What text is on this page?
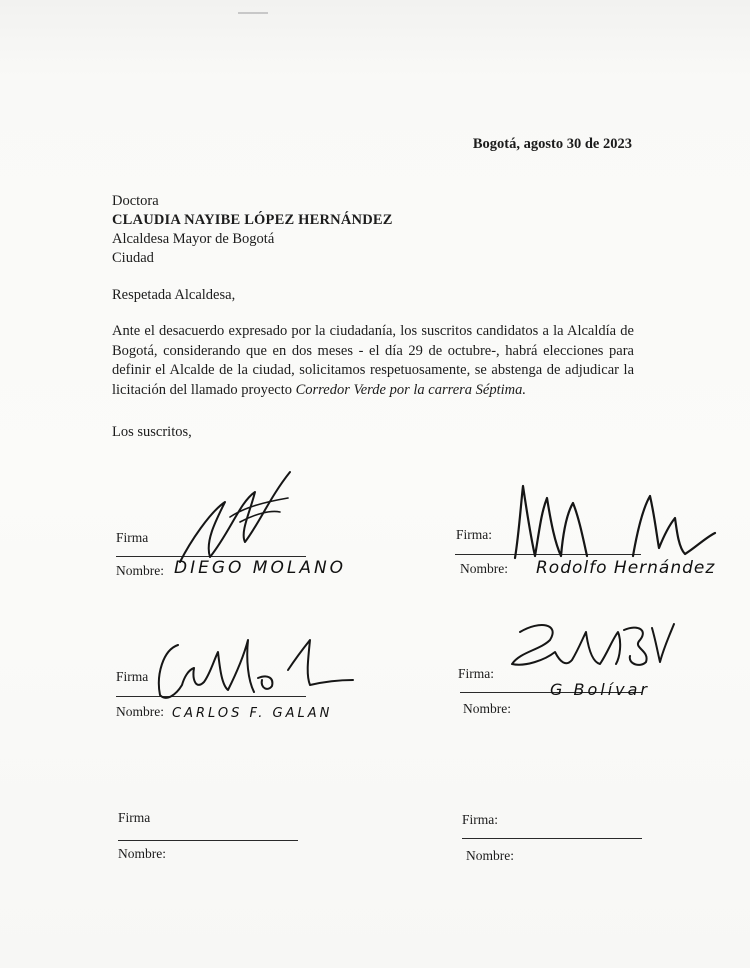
Bogotá, agosto 30 de 2023
Doctora
CLAUDIA NAYIBE LÓPEZ HERNÁNDEZ
Alcaldesa Mayor de Bogotá
Ciudad
Respetada Alcaldesa,
Ante el desacuerdo expresado por la ciudadanía, los suscritos candidatos a la Alcaldía de Bogotá, considerando que en dos meses - el día 29 de octubre-, habrá elecciones para definir el Alcalde de la ciudad, solicitamos respetuosamente, se abstenga de adjudicar la licitación del llamado proyecto Corredor Verde por la carrera Séptima.
Los suscritos,
Firma
Nombre: DIEGO MOLANO
Firma:
Nombre: Rodolfo Hernández
Firma
Nombre: CARLOS F. GALAN
Firma:
Nombre:
G Bolívar
Firma
Nombre:
Firma:
Nombre:
